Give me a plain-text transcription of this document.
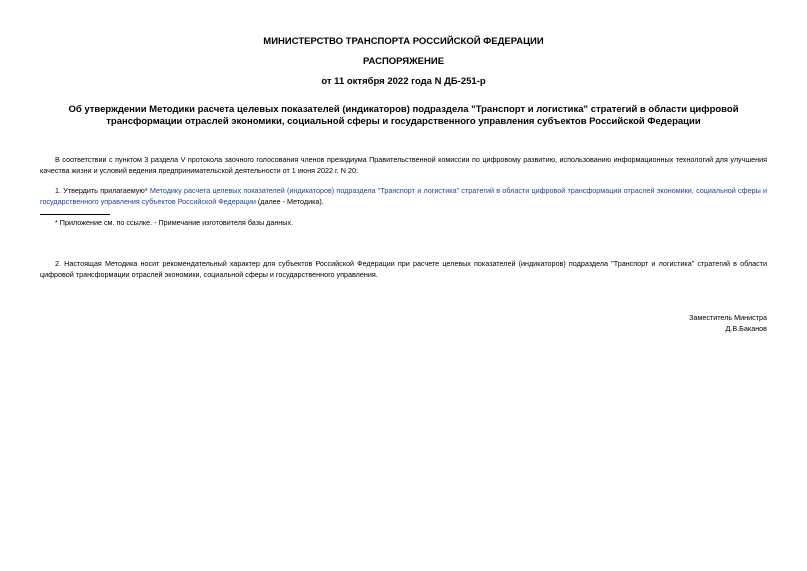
МИНИСТЕРСТВО ТРАНСПОРТА РОССИЙСКОЙ ФЕДЕРАЦИИ
РАСПОРЯЖЕНИЕ
от 11 октября 2022 года N ДБ-251-р
Об утверждении Методики расчета целевых показателей (индикаторов) подраздела "Транспорт и логистика" стратегий в области цифровой трансформации отраслей экономики, социальной сферы и государственного управления субъектов Российской Федерации
В соответствии с пунктом 3 раздела V протокола заочного голосования членов президиума Правительственной комиссии по цифровому развитию, использованию информационных технологий для улучшения качества жизни и условий ведения предпринимательской деятельности от 1 июня 2022 г. N 20:
1. Утвердить прилагаемую* Методику расчета целевых показателей (индикаторов) подраздела "Транспорт и логистика" стратегий в области цифровой трансформации отраслей экономики, социальной сферы и государственного управления субъектов Российской Федерации (далее - Методика).
* Приложение см. по ссылке. - Примечание изготовителя базы данных.
2. Настоящая Методика носит рекомендательный характер для субъектов Российской Федерации при расчете целевых показателей (индикаторов) подраздела "Транспорт и логистика" стратегий в области цифровой трансформации отраслей экономики, социальной сферы и государственного управления.
Заместитель Министра
Д.В.Баканов
